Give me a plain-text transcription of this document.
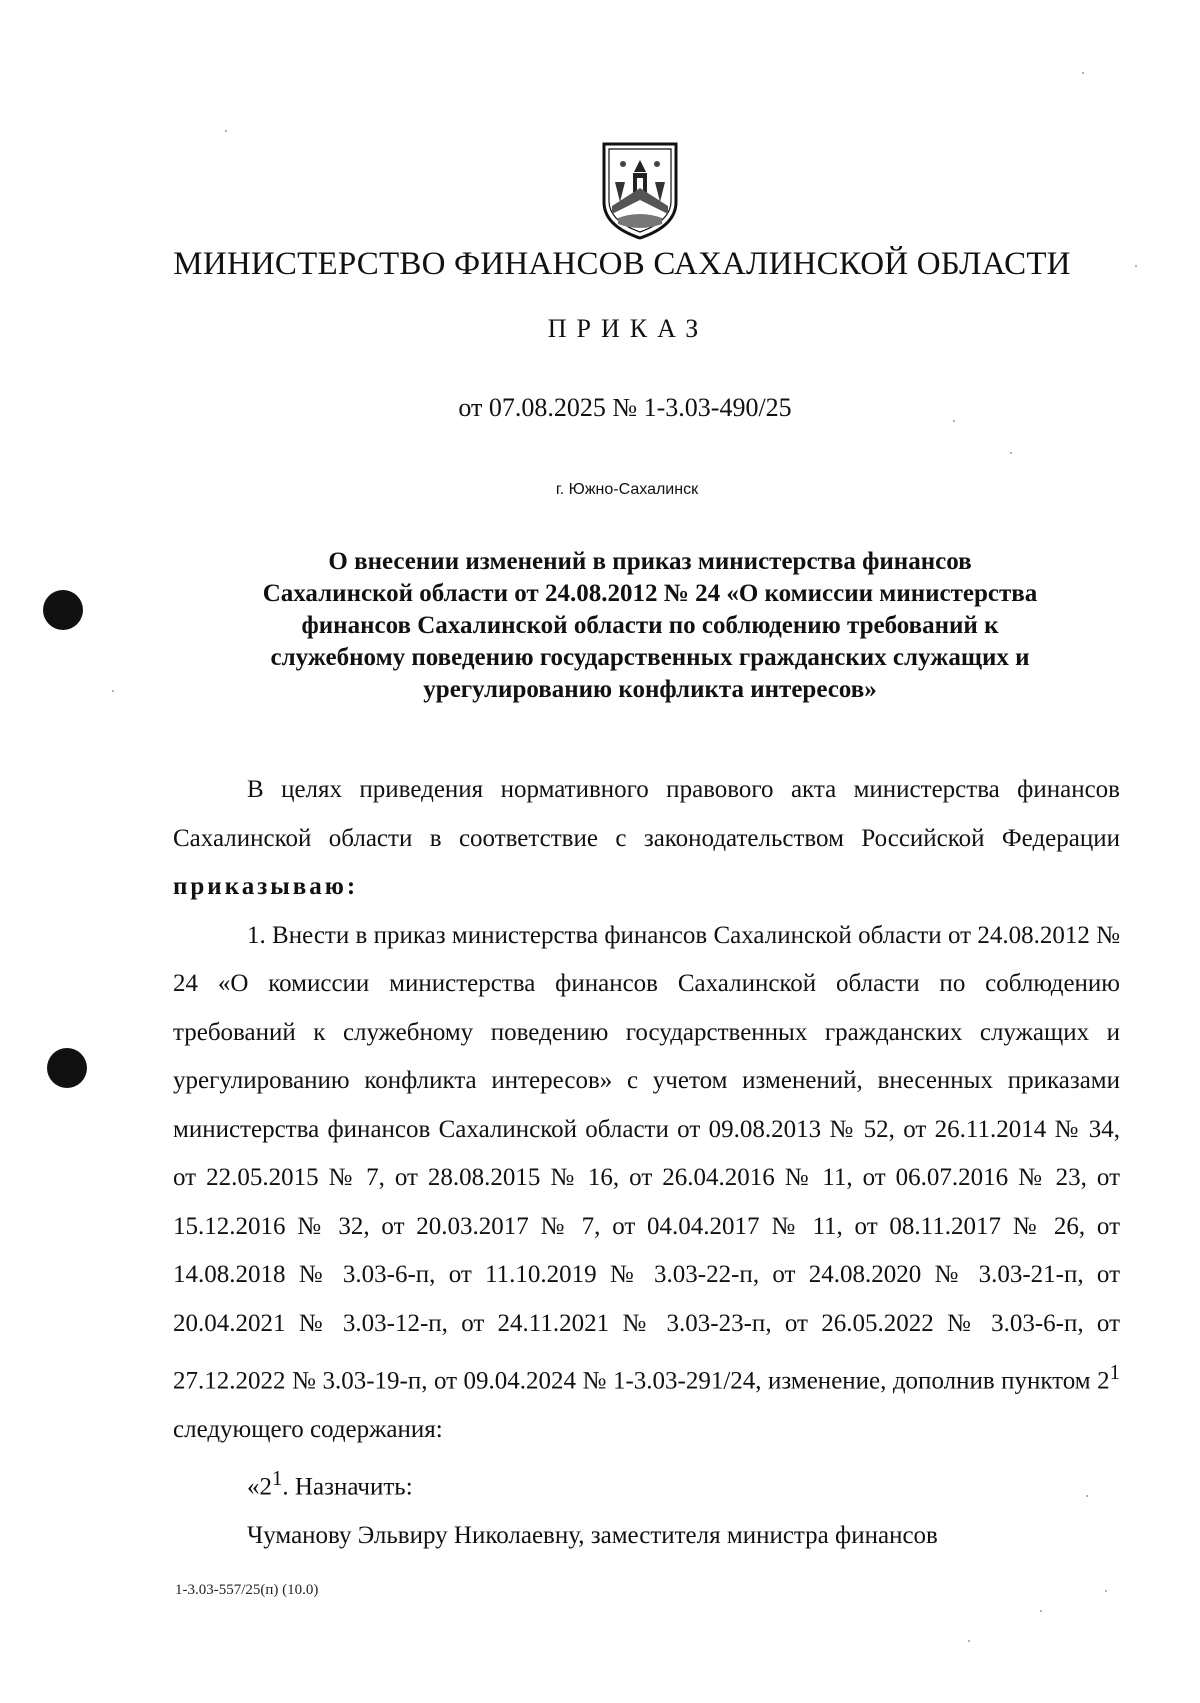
МИНИСТЕРСТВО ФИНАНСОВ САХАЛИНСКОЙ ОБЛАСТИ
ПРИКАЗ
от 07.08.2025 № 1-3.03-490/25
г. Южно-Сахалинск
О внесении изменений в приказ министерства финансов
Сахалинской области от 24.08.2012 № 24 «О комиссии министерства
финансов Сахалинской области по соблюдению требований к
служебному поведению государственных гражданских служащих и
урегулированию конфликта интересов»

В целях приведения нормативного правового акта министерства финансов Сахалинской области в соответствие с законодательством Российской Федерации приказываю:

1. Внести в приказ министерства финансов Сахалинской области от 24.08.2012 № 24 «О комиссии министерства финансов Сахалинской области по соблюдению требований к служебному поведению государственных гражданских служащих и урегулированию конфликта интересов» с учетом изменений, внесенных приказами министерства финансов Сахалинской области от 09.08.2013 № 52, от 26.11.2014 № 34, от 22.05.2015 № 7, от 28.08.2015 № 16, от 26.04.2016 № 11, от 06.07.2016 № 23, от 15.12.2016 № 32, от 20.03.2017 № 7, от 04.04.2017 № 11, от 08.11.2017 № 26, от 14.08.2018 № 3.03-6-п, от 11.10.2019 № 3.03-22-п, от 24.08.2020 № 3.03-21-п, от 20.04.2021 № 3.03-12-п, от 24.11.2021 № 3.03-23-п, от 26.05.2022 № 3.03-6-п, от 27.12.2022 № 3.03-19-п, от 09.04.2024 № 1-3.03-291/24, изменение, дополнив пунктом $2^1$ следующего содержания:

«$2^1$. Назначить:

Чуманову Эльвиру Николаевну, заместителя министра финансов

1-3.03-557/25(п) (10.0)
